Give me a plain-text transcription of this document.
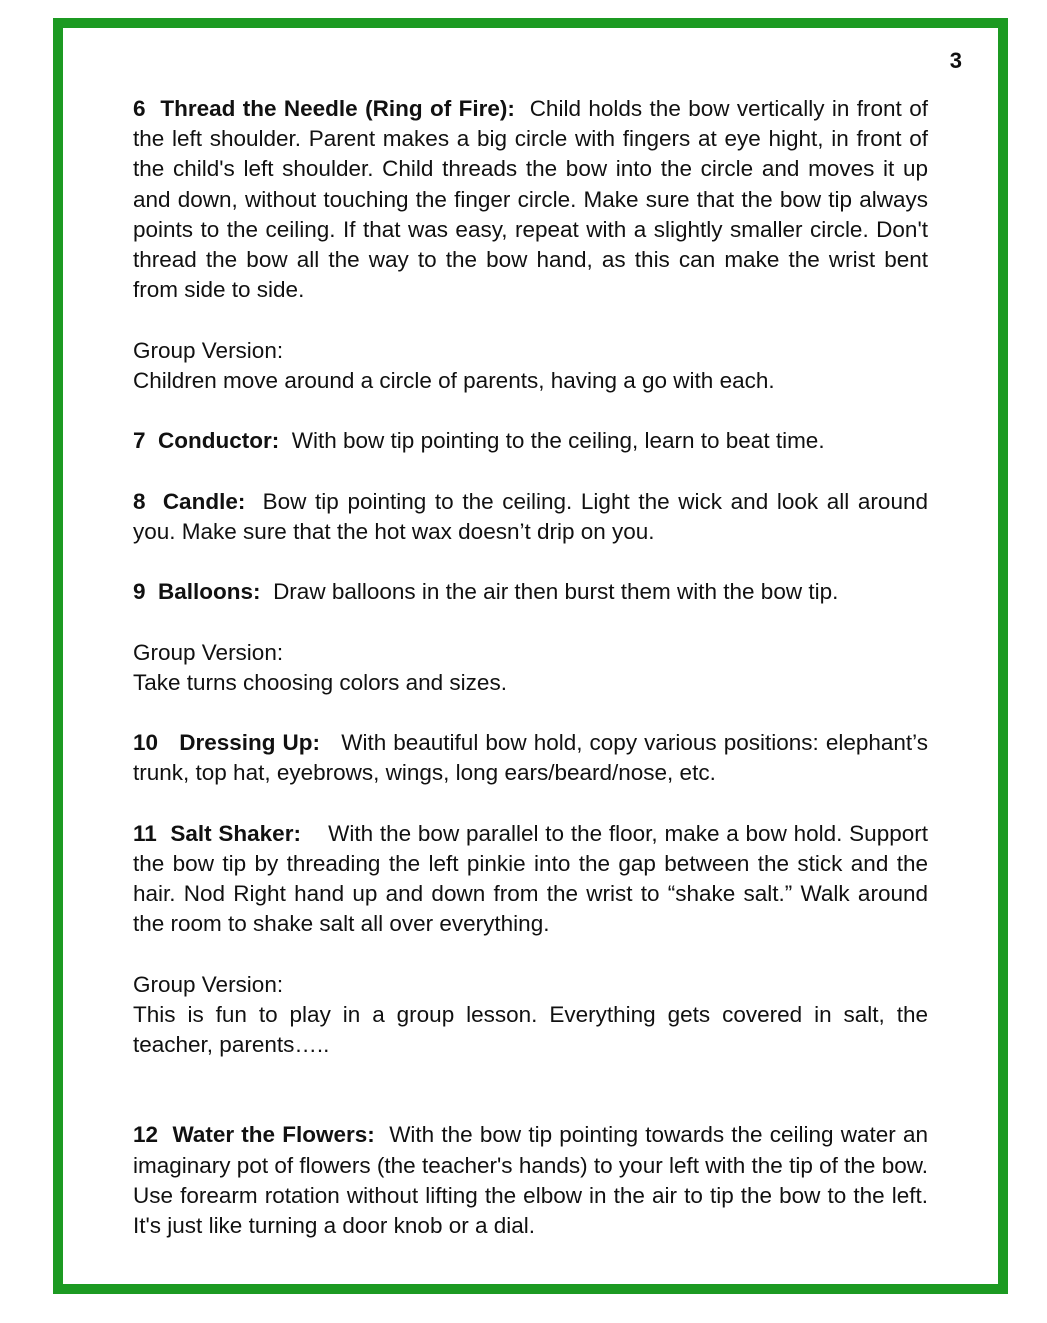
3

6 Thread the Needle (Ring of Fire): Child holds the bow vertically in front of the left shoulder. Parent makes a big circle with fingers at eye hight, in front of the child's left shoulder. Child threads the bow into the circle and moves it up and down, without touching the finger circle. Make sure that the bow tip always points to the ceiling. If that was easy, repeat with a slightly smaller circle. Don't thread the bow all the way to the bow hand, as this can make the wrist bent from side to side.

Group Version:
Children move around a circle of parents, having a go with each.

7 Conductor: With bow tip pointing to the ceiling, learn to beat time.

8 Candle: Bow tip pointing to the ceiling. Light the wick and look all around you. Make sure that the hot wax doesn’t drip on you.

9 Balloons: Draw balloons in the air then burst them with the bow tip.

Group Version:
Take turns choosing colors and sizes.

10 Dressing Up: With beautiful bow hold, copy various positions: elephant’s trunk, top hat, eyebrows, wings, long ears/beard/nose, etc.

11 Salt Shaker: With the bow parallel to the floor, make a bow hold. Support the bow tip by threading the left pinkie into the gap between the stick and the hair. Nod Right hand up and down from the wrist to “shake salt.” Walk around the room to shake salt all over everything.

Group Version:
This is fun to play in a group lesson. Everything gets covered in salt, the teacher, parents…..

12 Water the Flowers: With the bow tip pointing towards the ceiling water an imaginary pot of flowers (the teacher's hands) to your left with the tip of the bow. Use forearm rotation without lifting the elbow in the air to tip the bow to the left. It's just like turning a door knob or a dial.
